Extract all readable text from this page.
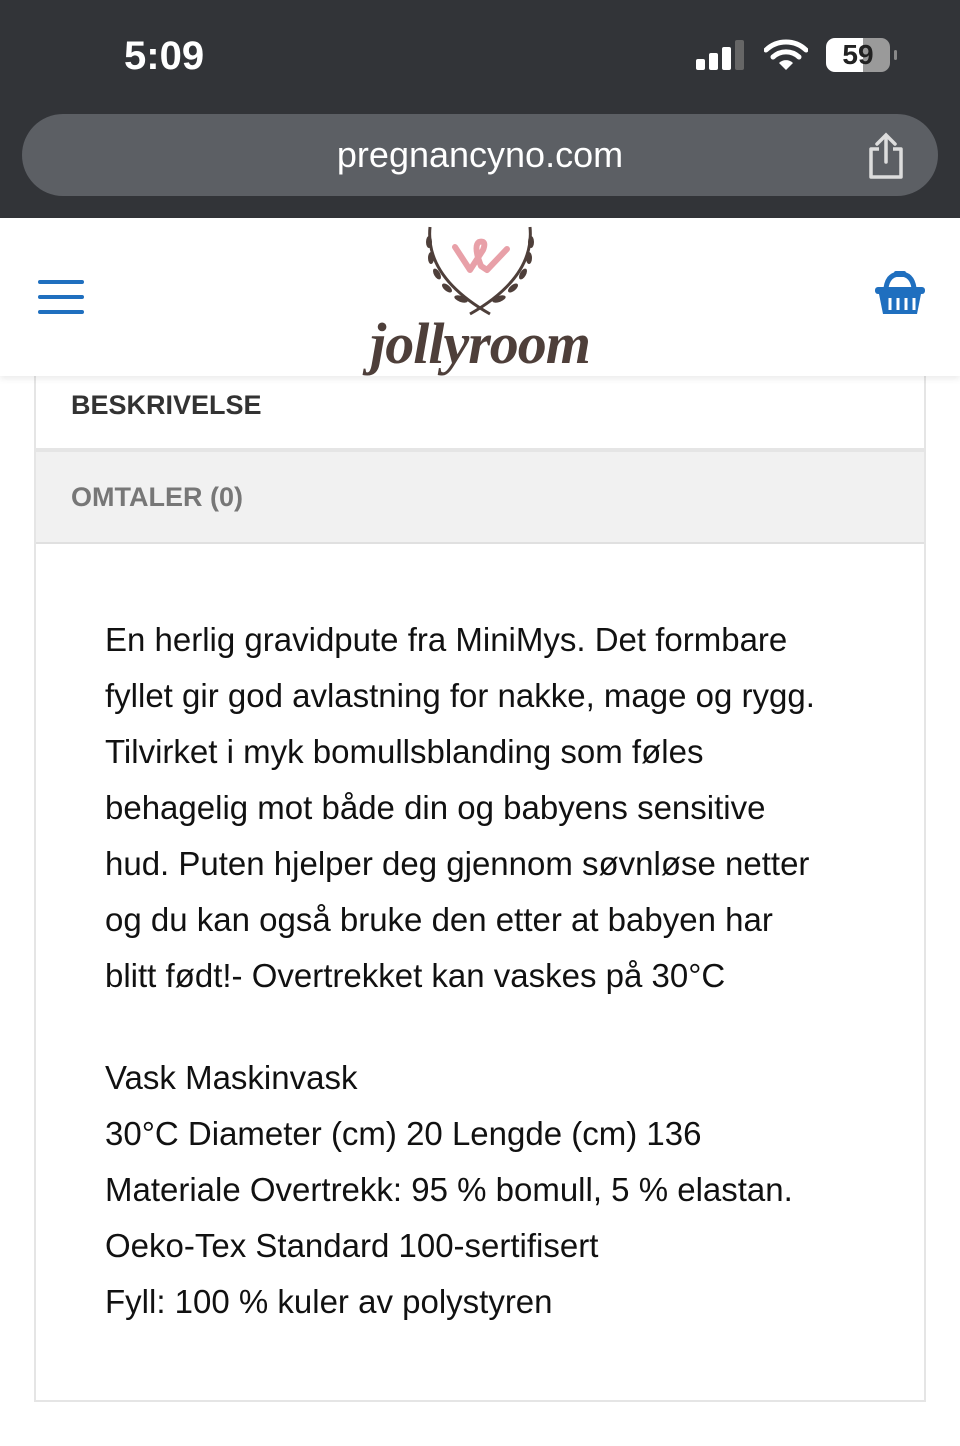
5:09	59
pregnancyno.com
jollyroom
BESKRIVELSE
OMTALER (0)
En herlig gravidpute fra MiniMys. Det formbare
fyllet gir god avlastning for nakke, mage og rygg.
Tilvirket i myk bomullsblanding som føles
behagelig mot både din og babyens sensitive
hud. Puten hjelper deg gjennom søvnløse netter
og du kan også bruke den etter at babyen har
blitt født!- Overtrekket kan vaskes på 30°C
Vask Maskinvask
30°C Diameter (cm) 20 Lengde (cm) 136
Materiale Overtrekk: 95 % bomull, 5 % elastan.
Oeko-Tex Standard 100-sertifisert
Fyll: 100 % kuler av polystyren
